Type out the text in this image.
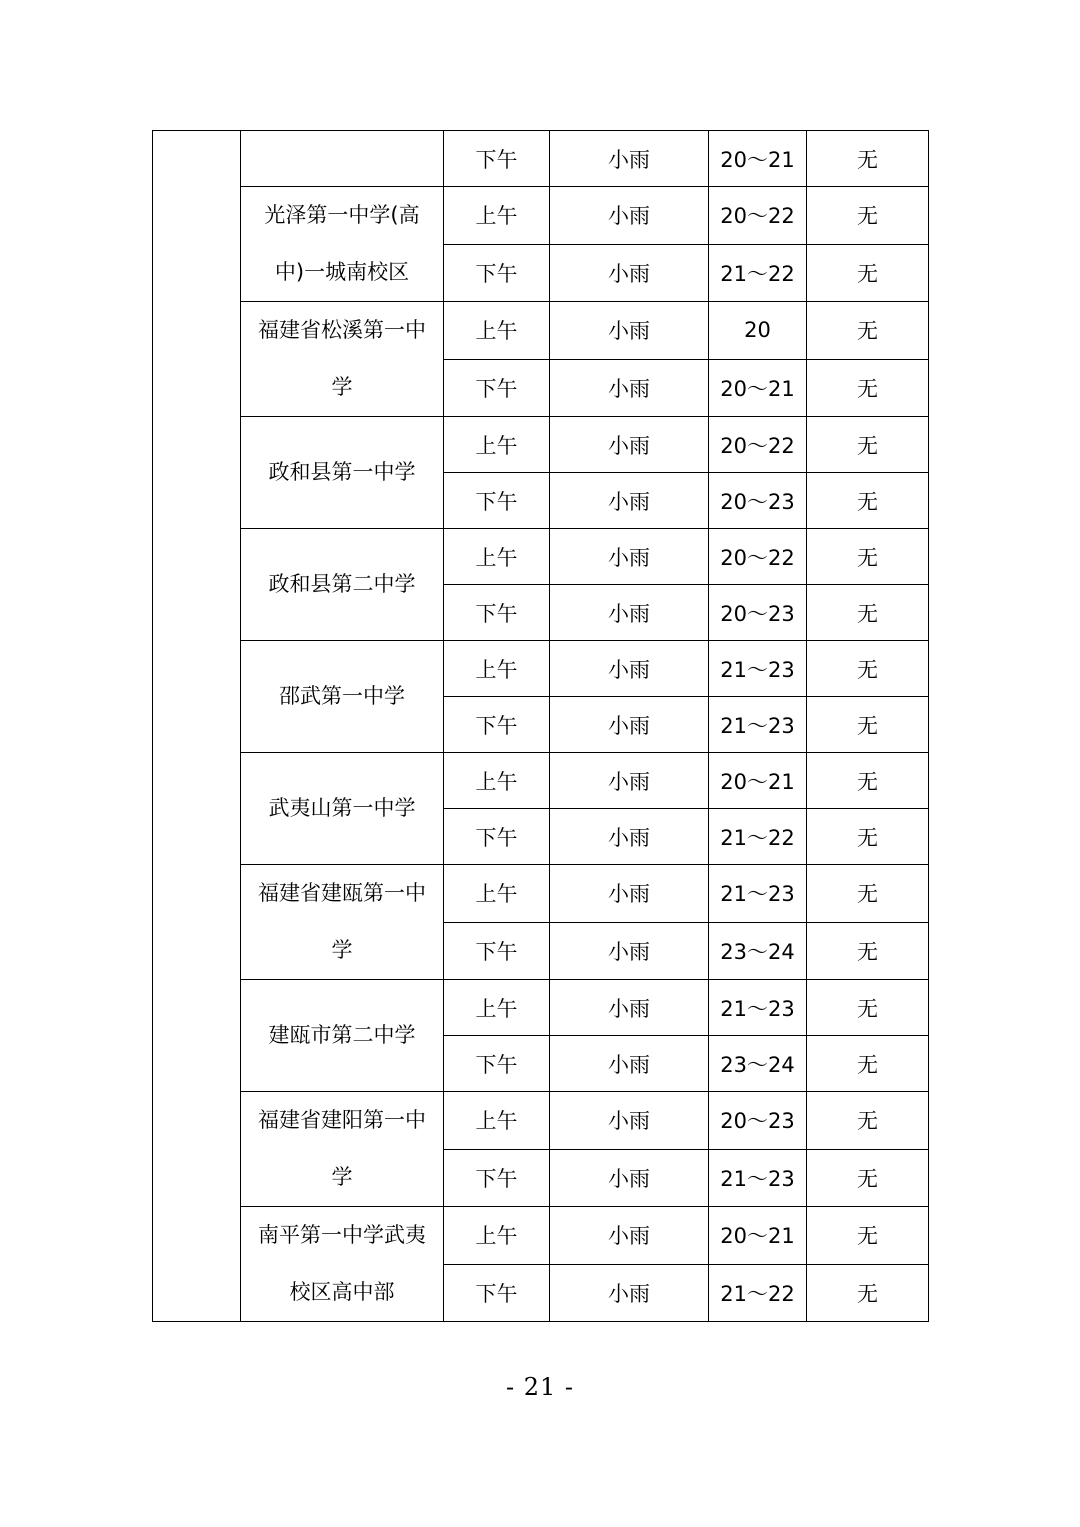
		下午	小雨	20～21	无
	光泽第一中学(高中)一城南校区	上午	小雨	20～22	无
		下午	小雨	21～22	无
	福建省松溪第一中学	上午	小雨	20	无
		下午	小雨	20～21	无
	政和县第一中学	上午	小雨	20～22	无
		下午	小雨	20～23	无
	政和县第二中学	上午	小雨	20～22	无
		下午	小雨	20～23	无
	邵武第一中学	上午	小雨	21～23	无
		下午	小雨	21～23	无
	武夷山第一中学	上午	小雨	20～21	无
		下午	小雨	21～22	无
	福建省建瓯第一中学	上午	小雨	21～23	无
		下午	小雨	23～24	无
	建瓯市第二中学	上午	小雨	21～23	无
		下午	小雨	23～24	无
	福建省建阳第一中学	上午	小雨	20～23	无
		下午	小雨	21～23	无
	南平第一中学武夷校区高中部	上午	小雨	20～21	无
		下午	小雨	21～22	无
- 21 -
